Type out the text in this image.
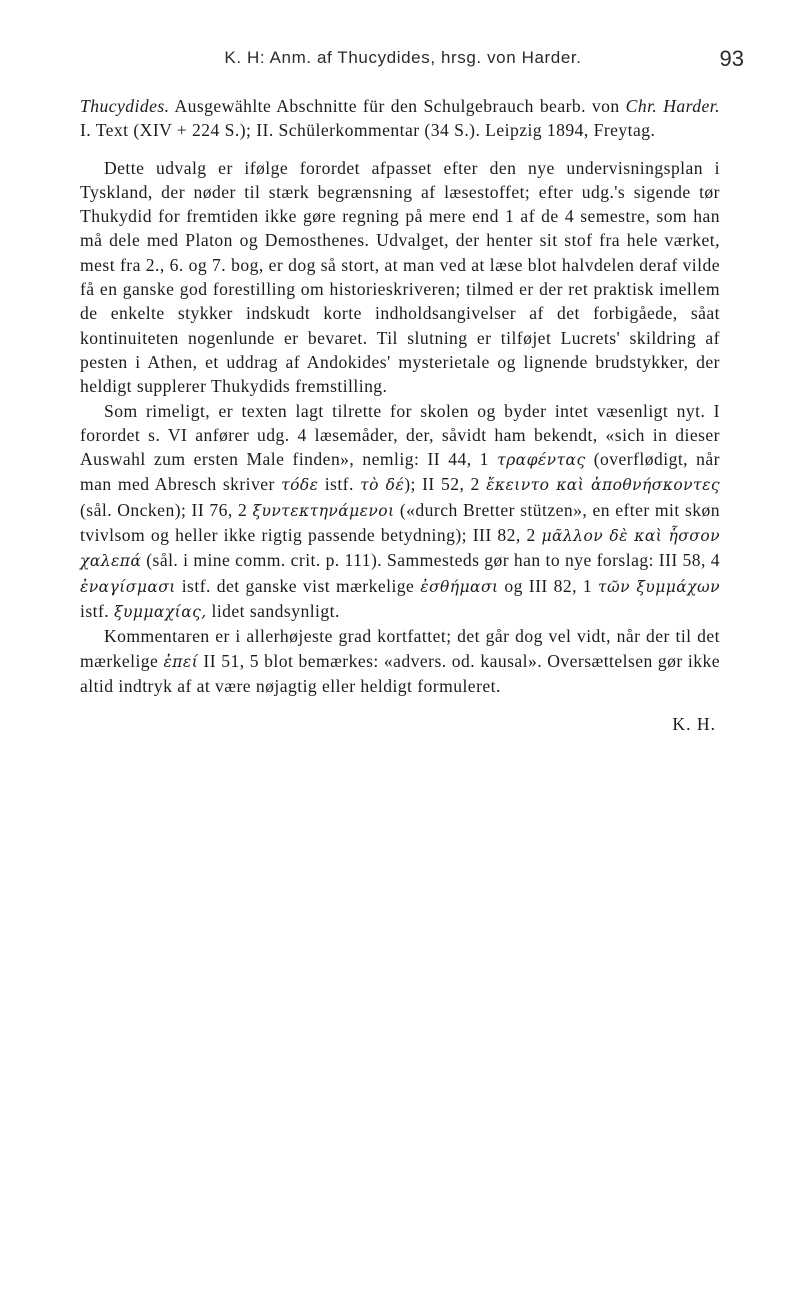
K. H: Anm. af Thucydides, hrsg. von Harder.	93

Thucydides. Ausgewählte Abschnitte für den Schulgebrauch bearb. von Chr. Harder. I. Text (XIV + 224 S.); II. Schülerkommentar (34 S.). Leipzig 1894, Freytag.

Dette udvalg er ifølge forordet afpasset efter den nye undervisningsplan i Tyskland, der nøder til stærk begrænsning af læsestoffet; efter udg.'s sigende tør Thukydid for fremtiden ikke gøre regning på mere end 1 af de 4 semestre, som han må dele med Platon og Demosthenes. Udvalget, der henter sit stof fra hele værket, mest fra 2., 6. og 7. bog, er dog så stort, at man ved at læse blot halvdelen deraf vilde få en ganske god forestilling om historieskriveren; tilmed er der ret praktisk imellem de enkelte stykker indskudt korte indholdsangivelser af det forbigåede, såat kontinuiteten nogenlunde er bevaret. Til slutning er tilføjet Lucrets' skildring af pesten i Athen, et uddrag af Andokides' mysterietale og lignende brudstykker, der heldigt supplerer Thukydids fremstilling.

Som rimeligt, er texten lagt tilrette for skolen og byder intet væsenligt nyt. I forordet s. VI anfører udg. 4 læsemåder, der, såvidt ham bekendt, «sich in dieser Auswahl zum ersten Male finden», nemlig: II 44, 1 τραφέντας (overflødigt, når man med Abresch skriver τόδε istf. τὸ δέ); II 52, 2 ἔκειντο καὶ ἀποθνήσκοντες (sål. Oncken); II 76, 2 ξυντεκτηνάμενοι («durch Bretter stützen», en efter mit skøn tvivlsom og heller ikke rigtig passende betydning); III 82, 2 μᾶλλον δὲ καὶ ἧσσον χαλεπά (sål. i mine comm. crit. p. 111). Sammesteds gør han to nye forslag: III 58, 4 ἐναγίσμασι istf. det ganske vist mærkelige ἐσθήμασι og III 82, 1 τῶν ξυμμάχων istf. ξυμμαχίας, lidet sandsynligt.

Kommentaren er i allerhøjeste grad kortfattet; det går dog vel vidt, når der til det mærkelige ἐπεί II 51, 5 blot bemærkes: «advers. od. kausal». Oversættelsen gør ikke altid indtryk af at være nøjagtig eller heldigt formuleret.

K. H.
